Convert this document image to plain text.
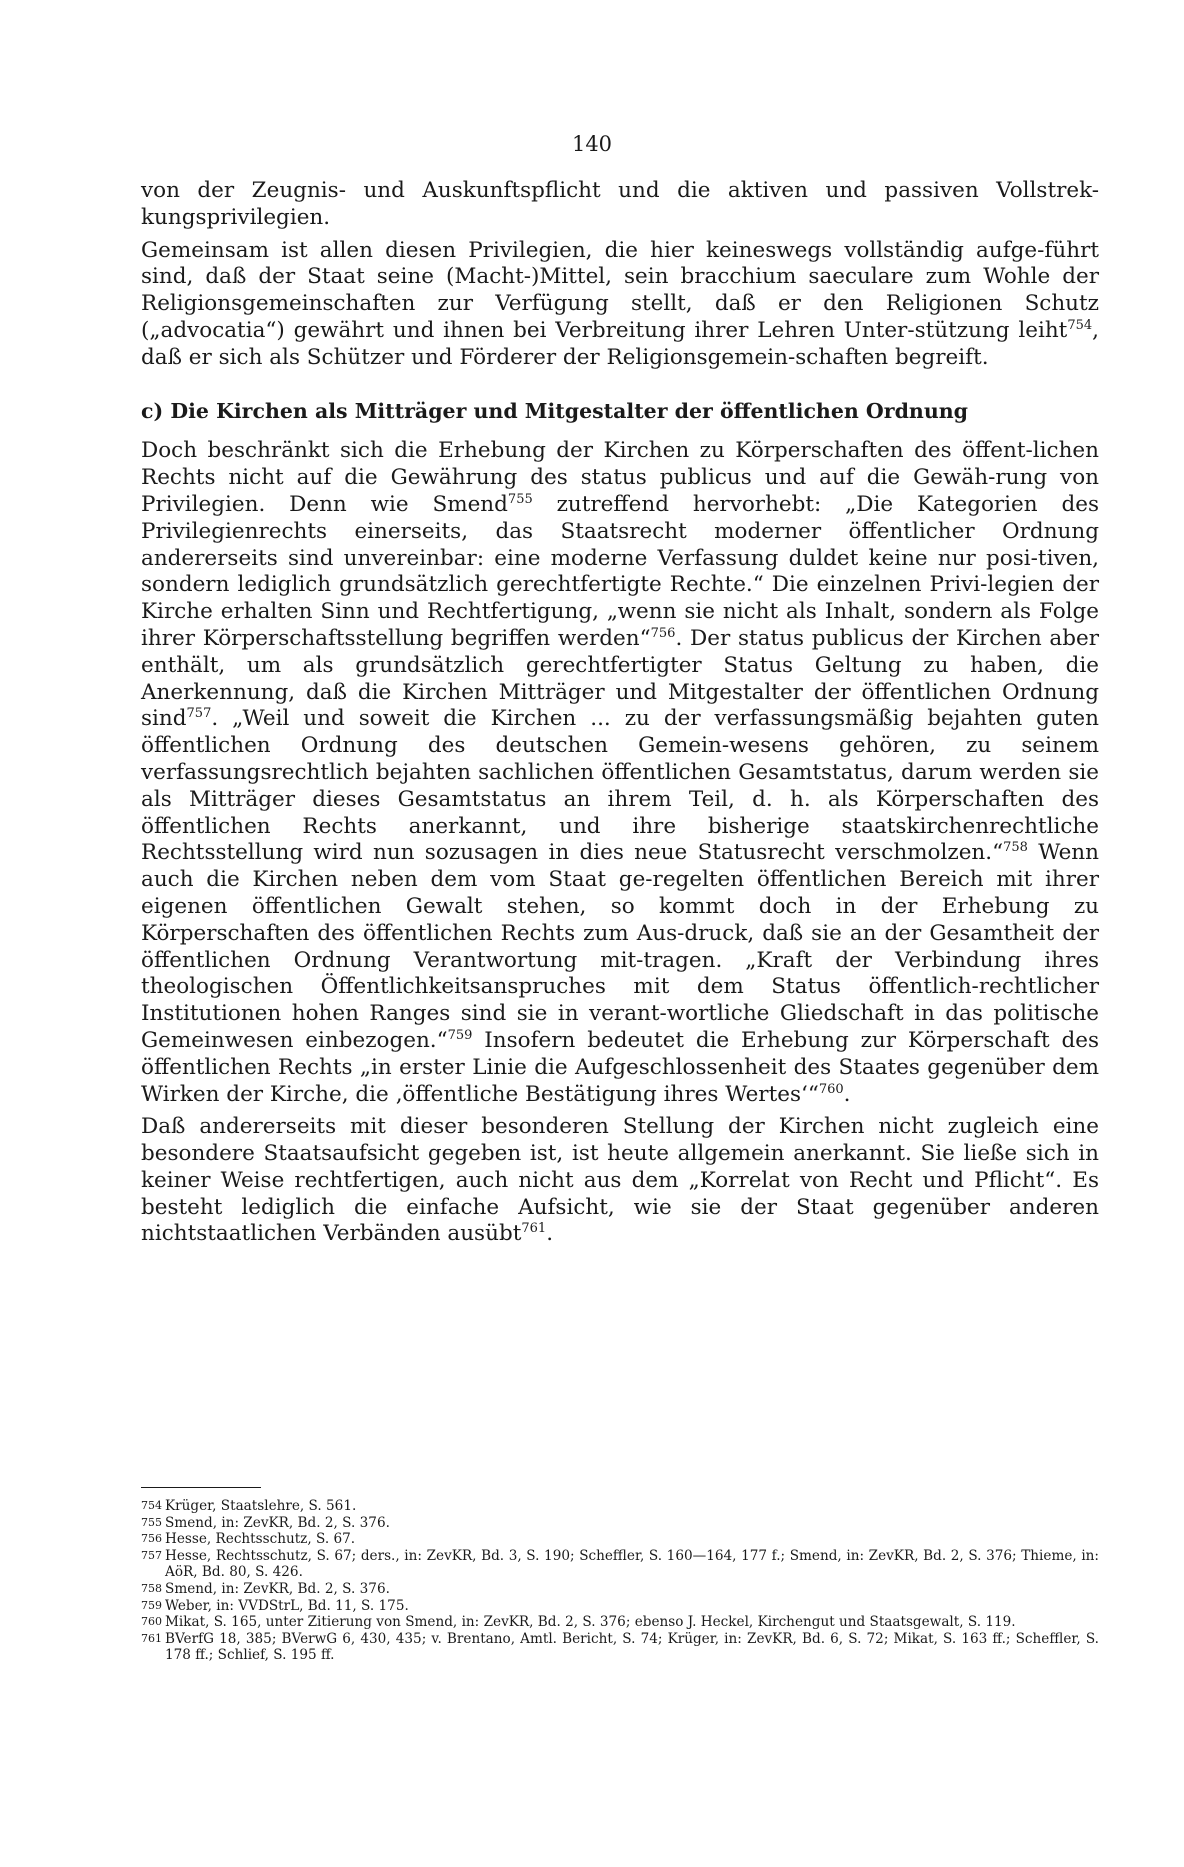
140

von der Zeugnis- und Auskunftspflicht und die aktiven und passiven Vollstrek-kungsprivilegien.

Gemeinsam ist allen diesen Privilegien, die hier keineswegs vollständig aufge-führt sind, daß der Staat seine (Macht-)Mittel, sein bracchium saeculare zum Wohle der Religionsgemeinschaften zur Verfügung stellt, daß er den Religionen Schutz („advocatia“) gewährt und ihnen bei Verbreitung ihrer Lehren Unter-stützung leiht$^{754}$, daß er sich als Schützer und Förderer der Religionsgemein-schaften begreift.

c) Die Kirchen als Mitträger und Mitgestalter der öffentlichen Ordnung

Doch beschränkt sich die Erhebung der Kirchen zu Körperschaften des öffent-lichen Rechts nicht auf die Gewährung des status publicus und auf die Gewäh-rung von Privilegien. Denn wie Smend$^{755}$ zutreffend hervorhebt: „Die Kategorien des Privilegienrechts einerseits, das Staatsrecht moderner öffentlicher Ordnung andererseits sind unvereinbar: eine moderne Verfassung duldet keine nur posi-tiven, sondern lediglich grundsätzlich gerechtfertigte Rechte.“ Die einzelnen Privi-legien der Kirche erhalten Sinn und Rechtfertigung, „wenn sie nicht als Inhalt, sondern als Folge ihrer Körperschaftsstellung begriffen werden“$^{756}$. Der status publicus der Kirchen aber enthält, um als grundsätzlich gerechtfertigter Status Geltung zu haben, die Anerkennung, daß die Kirchen Mitträger und Mitgestalter der öffentlichen Ordnung sind$^{757}$. „Weil und soweit die Kirchen ... zu der verfassungsmäßig bejahten guten öffentlichen Ordnung des deutschen Gemein-wesens gehören, zu seinem verfassungsrechtlich bejahten sachlichen öffentlichen Gesamtstatus, darum werden sie als Mitträger dieses Gesamtstatus an ihrem Teil, d. h. als Körperschaften des öffentlichen Rechts anerkannt, und ihre bisherige staatskirchenrechtliche Rechtsstellung wird nun sozusagen in dies neue Statusrecht verschmolzen.“$^{758}$ Wenn auch die Kirchen neben dem vom Staat ge-regelten öffentlichen Bereich mit ihrer eigenen öffentlichen Gewalt stehen, so kommt doch in der Erhebung zu Körperschaften des öffentlichen Rechts zum Aus-druck, daß sie an der Gesamtheit der öffentlichen Ordnung Verantwortung mit-tragen. „Kraft der Verbindung ihres theologischen Öffentlichkeitsanspruches mit dem Status öffentlich-rechtlicher Institutionen hohen Ranges sind sie in verant-wortliche Gliedschaft in das politische Gemeinwesen einbezogen.“$^{759}$ Insofern bedeutet die Erhebung zur Körperschaft des öffentlichen Rechts „in erster Linie die Aufgeschlossenheit des Staates gegenüber dem Wirken der Kirche, die ‚öffentliche Bestätigung ihres Wertes‘“$^{760}$.

Daß andererseits mit dieser besonderen Stellung der Kirchen nicht zugleich eine besondere Staatsaufsicht gegeben ist, ist heute allgemein anerkannt. Sie ließe sich in keiner Weise rechtfertigen, auch nicht aus dem „Korrelat von Recht und Pflicht“. Es besteht lediglich die einfache Aufsicht, wie sie der Staat gegenüber anderen nichtstaatlichen Verbänden ausübt$^{761}$.

754 Krüger, Staatslehre, S. 561.
755 Smend, in: ZevKR, Bd. 2, S. 376.
756 Hesse, Rechtsschutz, S. 67.
757 Hesse, Rechtsschutz, S. 67; ders., in: ZevKR, Bd. 3, S. 190; Scheffler, S. 160—164, 177 f.; Smend, in: ZevKR, Bd. 2, S. 376; Thieme, in: AöR, Bd. 80, S. 426.
758 Smend, in: ZevKR, Bd. 2, S. 376.
759 Weber, in: VVDStrL, Bd. 11, S. 175.
760 Mikat, S. 165, unter Zitierung von Smend, in: ZevKR, Bd. 2, S. 376; ebenso J. Heckel, Kirchengut und Staatsgewalt, S. 119.
761 BVerfG 18, 385; BVerwG 6, 430, 435; v. Brentano, Amtl. Bericht, S. 74; Krüger, in: ZevKR, Bd. 6, S. 72; Mikat, S. 163 ff.; Scheffler, S. 178 ff.; Schlief, S. 195 ff.
